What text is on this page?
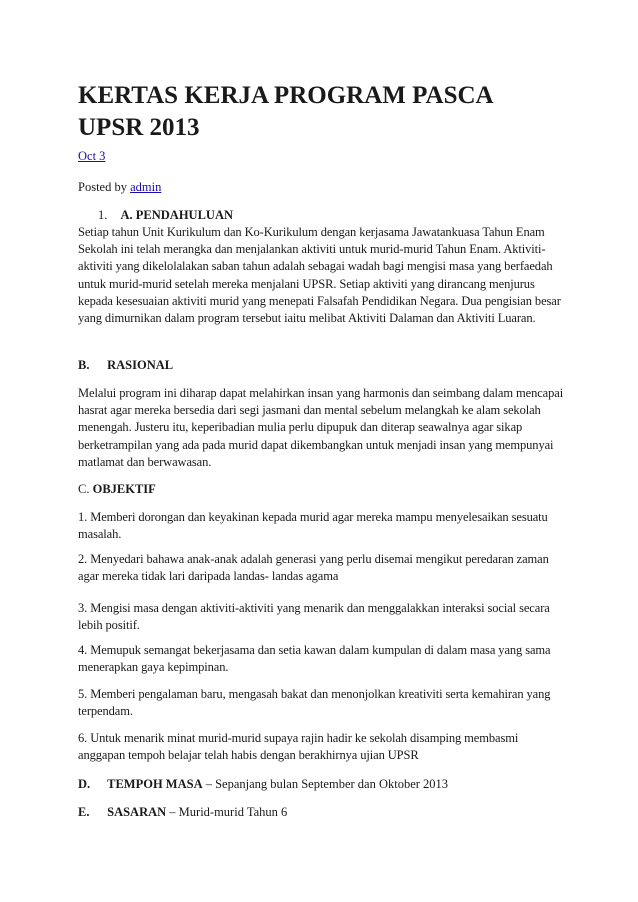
KERTAS KERJA PROGRAM PASCA UPSR 2013
Oct 3
Posted by admin
1. A. PENDAHULUAN

Setiap tahun Unit Kurikulum dan Ko-Kurikulum dengan kerjasama Jawatankuasa Tahun Enam Sekolah ini telah merangka dan menjalankan aktiviti untuk murid-murid Tahun Enam. Aktiviti-aktiviti yang dikelolalakan saban tahun adalah sebagai wadah bagi mengisi masa yang berfaedah untuk murid-murid setelah mereka menjalani UPSR. Setiap aktiviti yang dirancang menjurus kepada kesesuaian aktiviti murid yang menepati Falsafah Pendidikan Negara. Dua pengisian besar yang dimurnikan dalam program tersebut iaitu melibat Aktiviti Dalaman dan Aktiviti Luaran.

B. RASIONAL

Melalui program ini diharap dapat melahirkan insan yang harmonis dan seimbang dalam mencapai hasrat agar mereka bersedia dari segi jasmani dan mental sebelum melangkah ke alam sekolah menengah. Justeru itu, keperibadian mulia perlu dipupuk dan diterap seawalnya agar sikap berketrampilan yang ada pada murid dapat dikembangkan untuk menjadi insan yang mempunyai matlamat dan berwawasan.

C. OBJEKTIF

1. Memberi dorongan dan keyakinan kepada murid agar mereka mampu menyelesaikan sesuatu masalah.

2. Menyedari bahawa anak-anak adalah generasi yang perlu disemai mengikut peredaran zaman agar mereka tidak lari daripada landas- landas agama

3. Mengisi masa dengan aktiviti-aktiviti yang menarik dan menggalakkan interaksi social secara lebih positif.

4. Memupuk semangat bekerjasama dan setia kawan dalam kumpulan di dalam masa yang sama menerapkan gaya kepimpinan.

5. Memberi pengalaman baru, mengasah bakat dan menonjolkan kreativiti serta kemahiran yang terpendam.

6. Untuk menarik minat murid-murid supaya rajin hadir ke sekolah disamping membasmi anggapan tempoh belajar telah habis dengan berakhirnya ujian UPSR

D. TEMPOH MASA – Sepanjang bulan September dan Oktober 2013
E. SASARAN – Murid-murid Tahun 6
